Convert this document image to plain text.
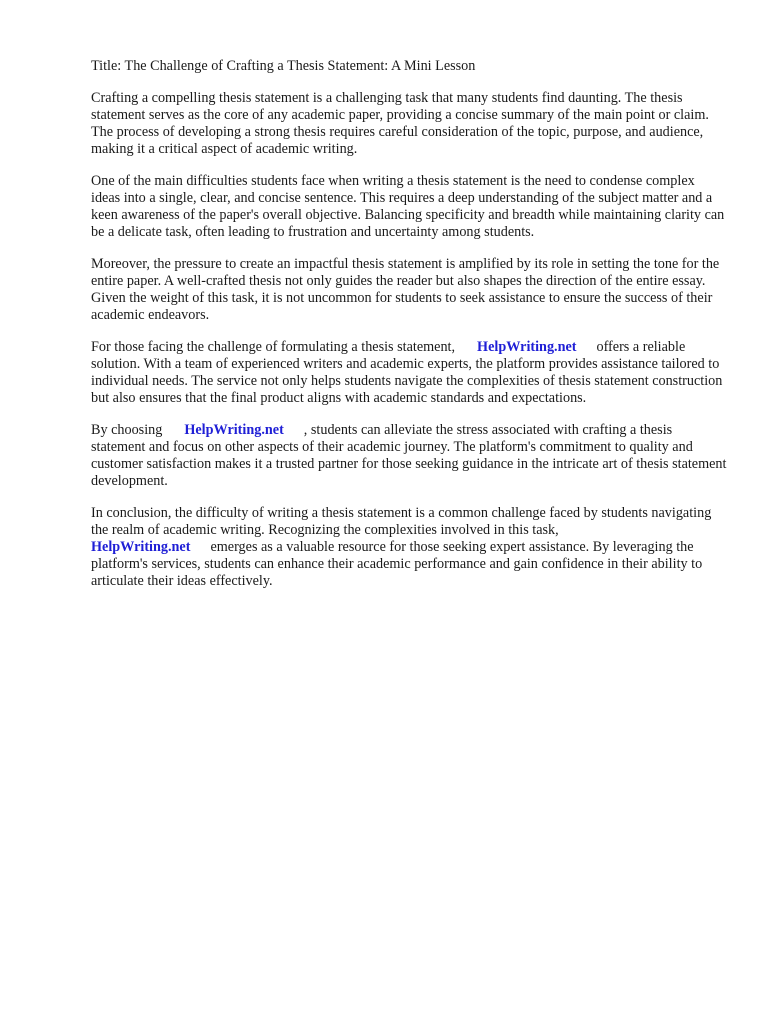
Title: The Challenge of Crafting a Thesis Statement: A Mini Lesson

Crafting a compelling thesis statement is a challenging task that many students find daunting. The thesis statement serves as the core of any academic paper, providing a concise summary of the main point or claim. The process of developing a strong thesis requires careful consideration of the topic, purpose, and audience, making it a critical aspect of academic writing.

One of the main difficulties students face when writing a thesis statement is the need to condense complex ideas into a single, clear, and concise sentence. This requires a deep understanding of the subject matter and a keen awareness of the paper's overall objective. Balancing specificity and breadth while maintaining clarity can be a delicate task, often leading to frustration and uncertainty among students.

Moreover, the pressure to create an impactful thesis statement is amplified by its role in setting the tone for the entire paper. A well-crafted thesis not only guides the reader but also shapes the direction of the entire essay. Given the weight of this task, it is not uncommon for students to seek assistance to ensure the success of their academic endeavors.

For those facing the challenge of formulating a thesis statement, HelpWriting.net offers a reliable solution. With a team of experienced writers and academic experts, the platform provides assistance tailored to individual needs. The service not only helps students navigate the complexities of thesis statement construction but also ensures that the final product aligns with academic standards and expectations.

By choosing HelpWriting.net , students can alleviate the stress associated with crafting a thesis statement and focus on other aspects of their academic journey. The platform's commitment to quality and customer satisfaction makes it a trusted partner for those seeking guidance in the intricate art of thesis statement development.

In conclusion, the difficulty of writing a thesis statement is a common challenge faced by students navigating the realm of academic writing. Recognizing the complexities involved in this task, HelpWriting.net emerges as a valuable resource for those seeking expert assistance. By leveraging the platform's services, students can enhance their academic performance and gain confidence in their ability to articulate their ideas effectively.
